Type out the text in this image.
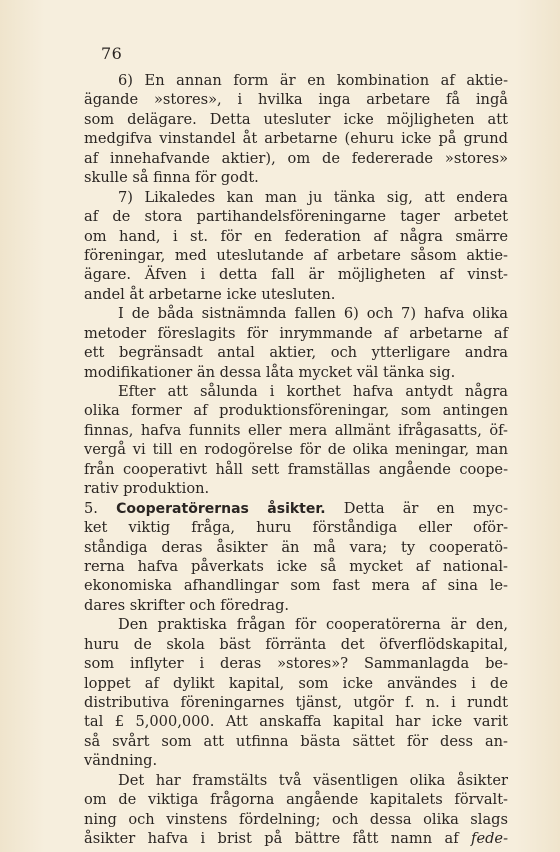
76
6) En annan form är en kombination af aktie-
ägande »stores», i hvilka inga arbetare få ingå
som delägare. Detta utesluter icke möjligheten att
medgifva vinstandel åt arbetarne (ehuru icke på grund
af innehafvande aktier), om de federerade »stores»
skulle så finna för godt.
7) Likaledes kan man ju tänka sig, att endera
af de stora partihandelsföreningarne tager arbetet
om hand, i st. för en federation af några smärre
föreningar, med uteslutande af arbetare såsom aktie-
ägare. Äfven i detta fall är möjligheten af vinst-
andel åt arbetarne icke utesluten.
I de båda sistnämnda fallen 6) och 7) hafva olika
metoder föreslagits för inrymmande af arbetarne af
ett begränsadt antal aktier, och ytterligare andra
modifikationer än dessa låta mycket väl tänka sig.
Efter att sålunda i korthet hafva antydt några
olika former af produktionsföreningar, som antingen
finnas, hafva funnits eller mera allmänt ifrågasatts, öf-
vergå vi till en rodogörelse för de olika meningar, man
från cooperativt håll sett framställas angående coope-
rativ produktion.
5. Cooperatörernas åsikter. Detta är en myc-
ket viktig fråga, huru förståndiga eller oför-
ståndiga deras åsikter än må vara; ty cooperatö-
rerna hafva påverkats icke så mycket af national-
ekonomiska afhandlingar som fast mera af sina le-
dares skrifter och föredrag.
Den praktiska frågan för cooperatörerna är den,
huru de skola bäst förränta det öfverflödskapital,
som inflyter i deras »stores»? Sammanlagda be-
loppet af dylikt kapital, som icke användes i de
distributiva föreningarnes tjänst, utgör f. n. i rundt
tal £ 5,000,000. Att anskaffa kapital har icke varit
så svårt som att utfinna bästa sättet för dess an-
vändning.
Det har framstälts två väsentligen olika åsikter
om de viktiga frågorna angående kapitalets förvalt-
ning och vinstens fördelning; och dessa olika slags
åsikter hafva i brist på bättre fått namn af fede-
